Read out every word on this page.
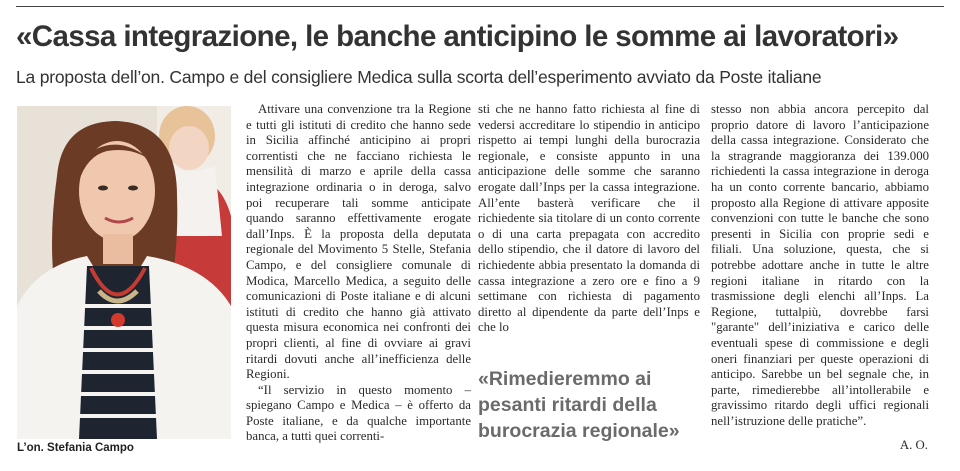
«Cassa integrazione, le banche anticipino le somme ai lavoratori»
La proposta dell’on. Campo e del consigliere Medica sulla scorta dell’esperimento avviato da Poste italiane
L’on. Stefania Campo

Attivare una convenzione tra la Regione e tutti gli istituti di credito che hanno sede in Sicilia affinché anticipino ai propri correntisti che ne facciano richiesta le mensilità di marzo e aprile della cassa integrazione ordinaria o in deroga, salvo poi recuperare tali somme anticipate quando saranno effettivamente erogate dall’Inps. È la proposta della deputata regionale del Movimento 5 Stelle, Stefania Campo, e del consigliere comunale di Modica, Marcello Medica, a seguito delle comunicazioni di Poste italiane e di alcuni istituti di credito che hanno già attivato questa misura economica nei confronti dei propri clienti, al fine di ovviare ai gravi ritardi dovuti anche all’inefficienza delle Regioni.

“Il servizio in questo momento – spiegano Campo e Medica – è offerto da Poste italiane, e da qualche importante banca, a tutti quei correnti-

sti che ne hanno fatto richiesta al fine di vedersi accreditare lo stipendio in anticipo rispetto ai tempi lunghi della burocrazia regionale, e consiste appunto in una anticipazione delle somme che saranno erogate dall’Inps per la cassa integrazione. All’ente basterà verificare che il richiedente sia titolare di un conto corrente o di una carta prepagata con accredito dello stipendio, che il datore di lavoro del richiedente abbia presentato la domanda di cassa integrazione a zero ore e fino a 9 settimane con richiesta di pagamento diretto al dipendente da parte dell’Inps e che lo

«Rimedieremmo ai pesanti ritardi della burocrazia regionale»

stesso non abbia ancora percepito dal proprio datore di lavoro l’anticipazione della cassa integrazione. Considerato che la stragrande maggioranza dei 139.000 richiedenti la cassa integrazione in deroga ha un conto corrente bancario, abbiamo proposto alla Regione di attivare apposite convenzioni con tutte le banche che sono presenti in Sicilia con proprie sedi e filiali. Una soluzione, questa, che si potrebbe adottare anche in tutte le altre regioni italiane in ritardo con la trasmissione degli elenchi all’Inps. La Regione, tuttalpiù, dovrebbe farsi "garante" dell’iniziativa e carico delle eventuali spese di commissione e degli oneri finanziari per queste operazioni di anticipo. Sarebbe un bel segnale che, in parte, rimedierebbe all’intollerabile e gravissimo ritardo degli uffici regionali nell’istruzione delle pratiche”.

A. O.
